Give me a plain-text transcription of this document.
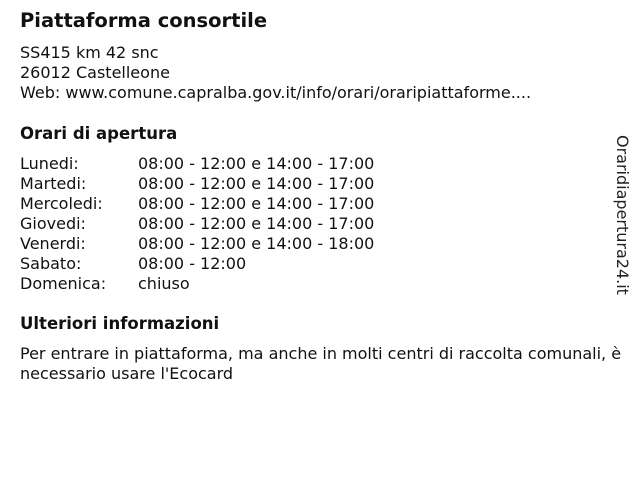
Piattaforma consortile
SS415 km 42 snc
26012 Castelleone
Web: www.comune.capralba.gov.it/info/orari/oraripiattaforme....
Orari di apertura
Lunedi:	08:00 - 12:00 e 14:00 - 17:00
Martedi:	08:00 - 12:00 e 14:00 - 17:00
Mercoledi: 08:00 - 12:00 e 14:00 - 17:00
Giovedi:	08:00 - 12:00 e 14:00 - 17:00
Venerdi:	08:00 - 12:00 e 14:00 - 18:00
Sabato:	08:00 - 12:00
Domenica: chiuso
Ulteriori informazioni
Per entrare in piattaforma, ma anche in molti centri di raccolta comunali, è necessario usare l'Ecocard
Oraridiapertura24.it
